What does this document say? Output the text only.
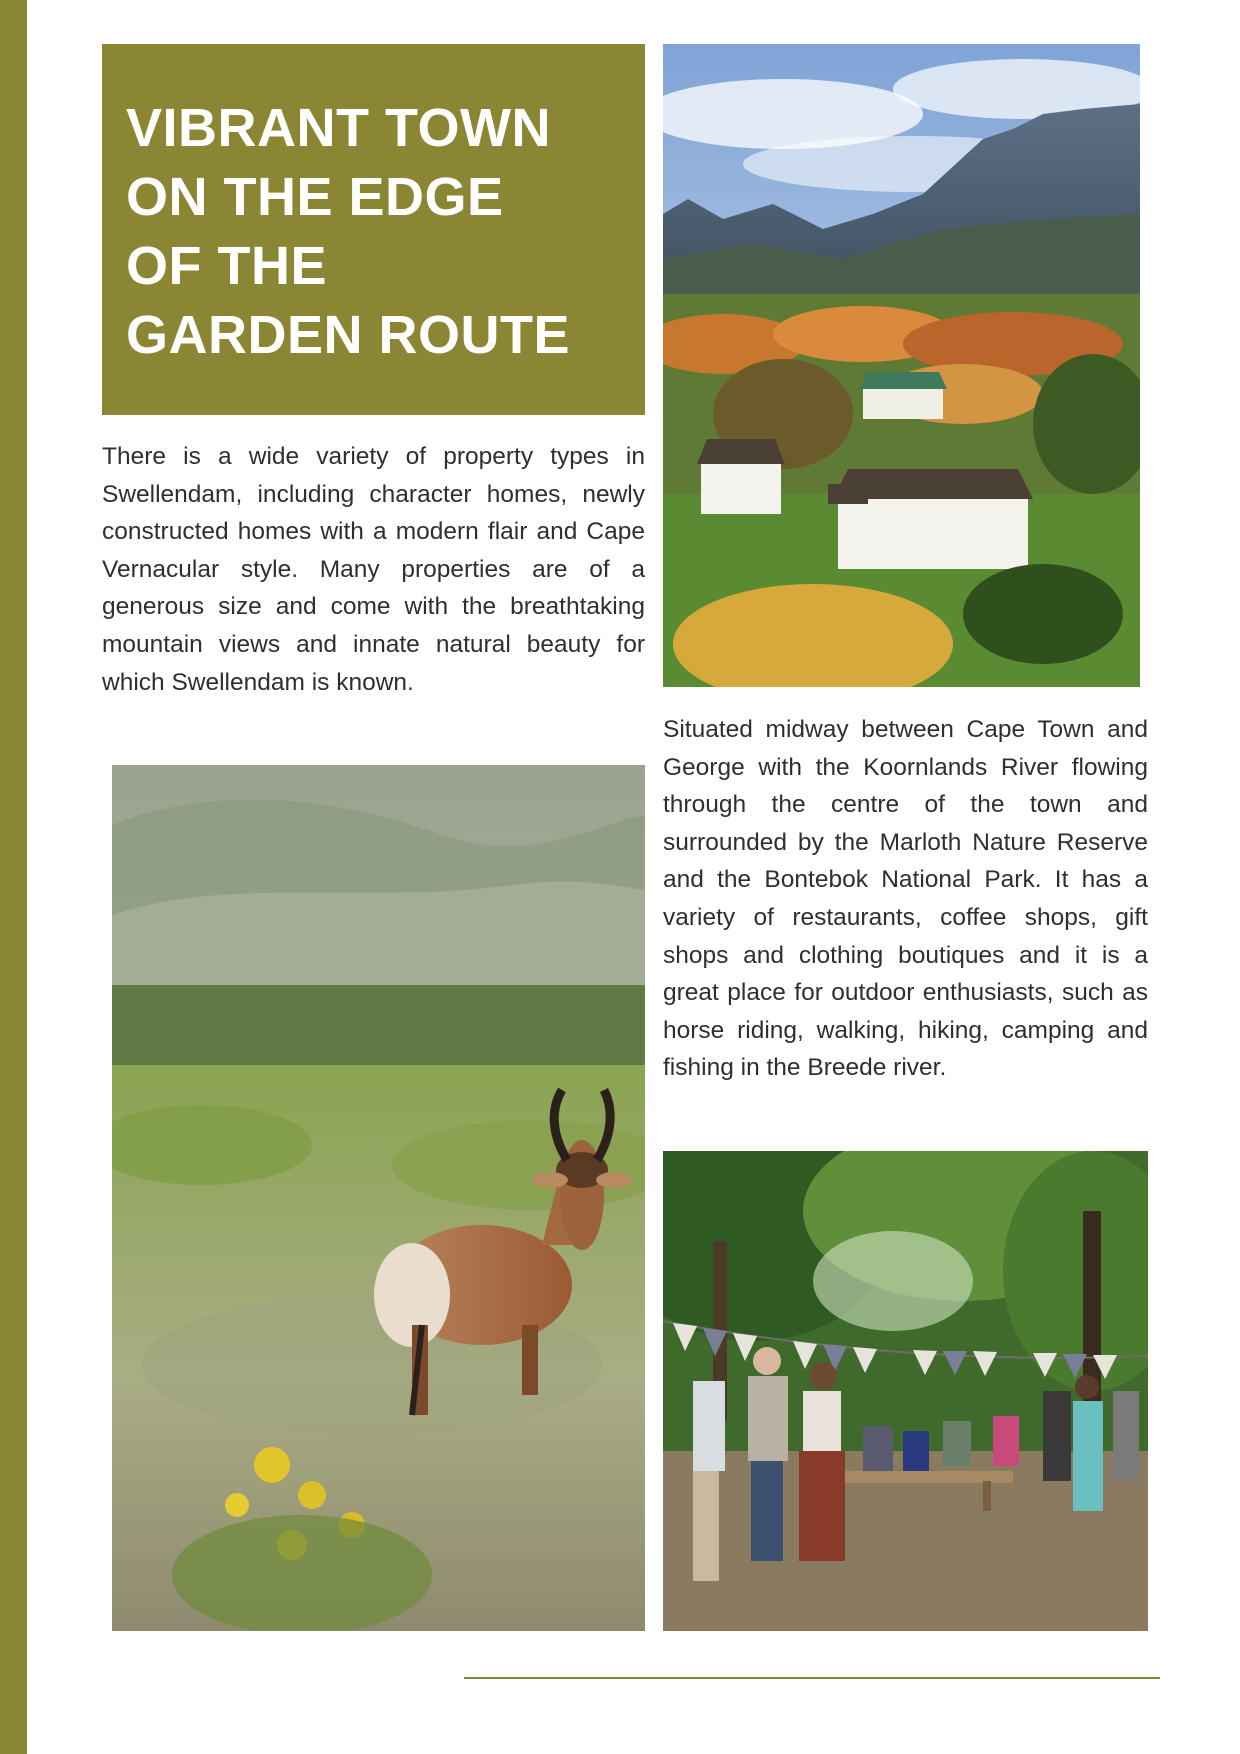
VIBRANT TOWN
ON THE EDGE
OF THE
GARDEN ROUTE

There is a wide variety of property types in Swellendam, including character homes, newly constructed homes with a modern flair and Cape Vernacular style. Many properties are of a generous size and come with the breathtaking mountain views and innate natural beauty for which Swellendam is known.

Situated midway between Cape Town and George with the Koornlands River flowing through the centre of the town and surrounded by the Marloth Nature Reserve and the Bontebok National Park. It has a variety of restaurants, coffee shops, gift shops and clothing boutiques and it is a great place for outdoor enthusiasts, such as horse riding, walking, hiking, camping and fishing in the Breede river.
